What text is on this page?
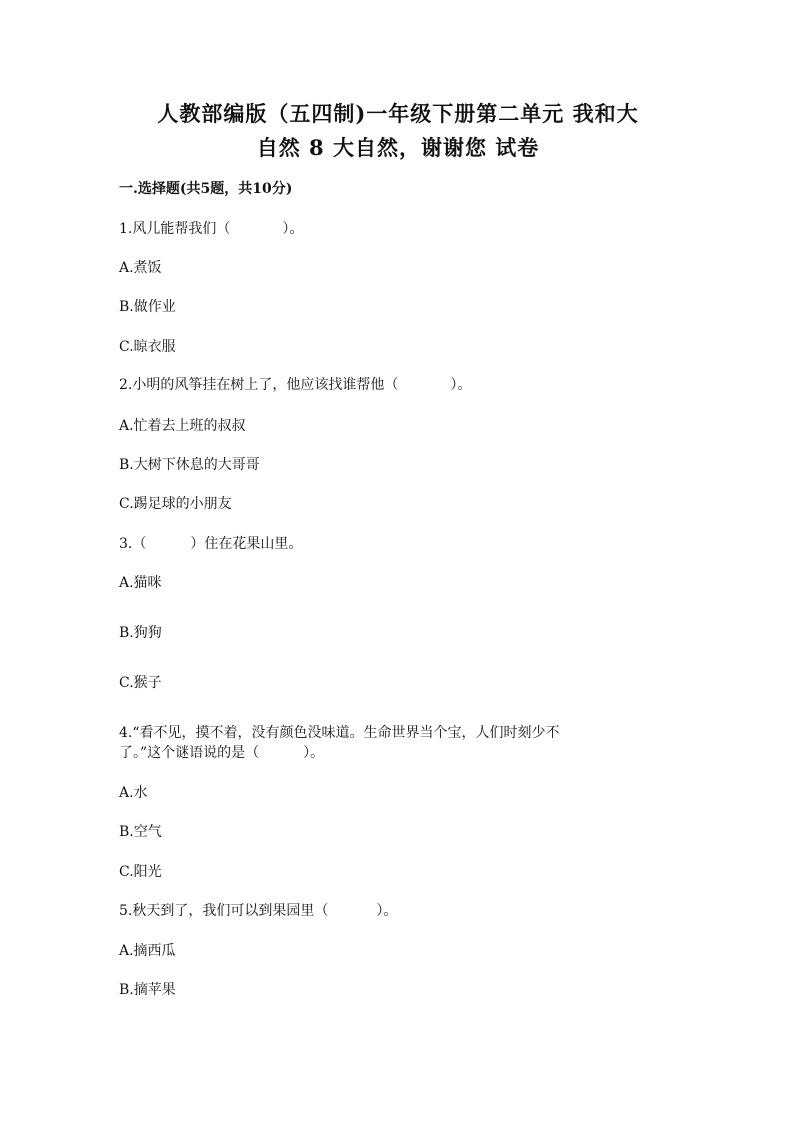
人教部编版（五四制)一年级下册第二单元 我和大
自然 8 大自然，谢谢您 试卷
一.选择题(共5题，共10分)
1.风儿能帮我们（	）。
A.煮饭
B.做作业
C.晾衣服
2.小明的风筝挂在树上了，他应该找谁帮他（	）。
A.忙着去上班的叔叔
B.大树下休息的大哥哥
C.踢足球的小朋友
3.（	）住在花果山里。
A.猫咪
B.狗狗
C.猴子
4.“看不见，摸不着，没有颜色没味道。生命世界当个宝，人们时刻少不
了。”这个谜语说的是（	）。
A.水
B.空气
C.阳光
5.秋天到了，我们可以到果园里（	）。
A.摘西瓜
B.摘苹果
